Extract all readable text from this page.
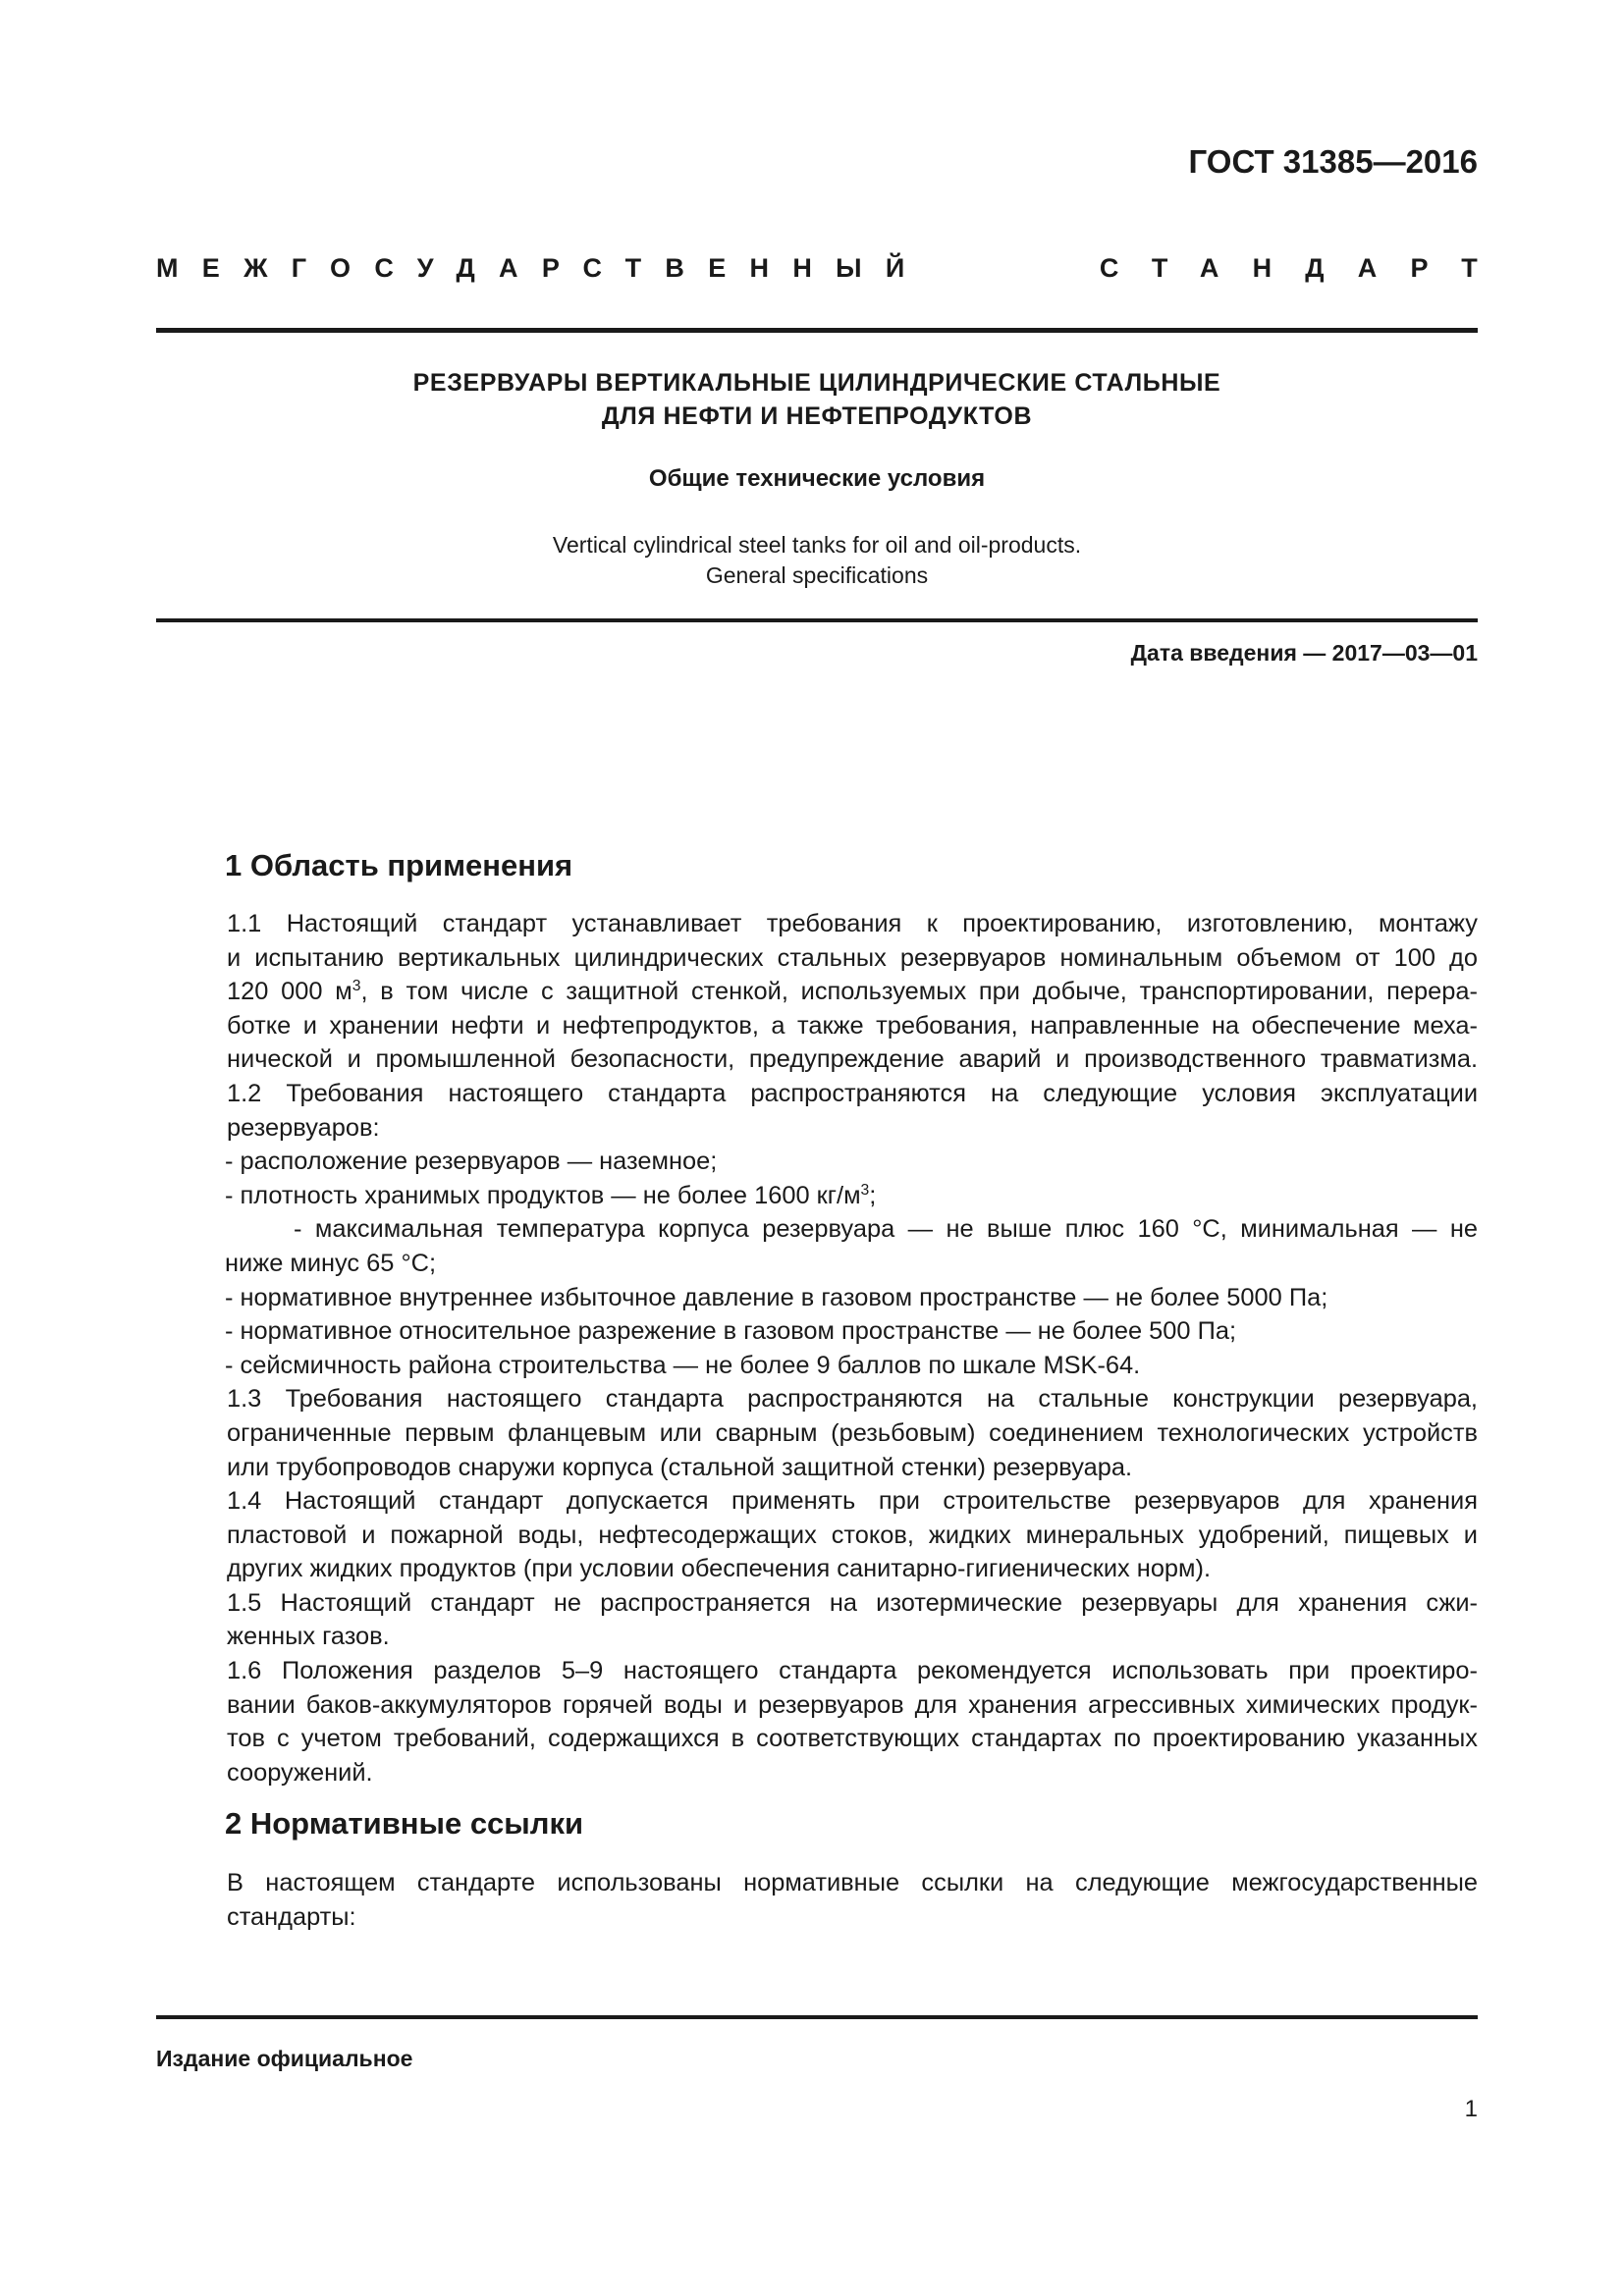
ГОСТ 31385—2016
МЕЖГОСУДАРСТВЕННЫЙ	СТАНДАРТ
РЕЗЕРВУАРЫ ВЕРТИКАЛЬНЫЕ ЦИЛИНДРИЧЕСКИЕ СТАЛЬНЫЕ
ДЛЯ НЕФТИ И НЕФТЕПРОДУКТОВ
Общие технические условия
Vertical cylindrical steel tanks for oil and oil-products.
General specifications
Дата введения — 2017—03—01
1 Область применения

1.1 Настоящий стандарт устанавливает требования к проектированию, изготовлению, монтажу
и испытанию вертикальных цилиндрических стальных резервуаров номинальным объемом от 100 до
120 000 $м^3$, в том числе с защитной стенкой, используемых при добыче, транспортировании, перера-
ботке и хранении нефти и нефтепродуктов, а также требования, направленные на обеспечение меха-
нической и промышленной безопасности, предупреждение аварий и производственного травматизма.

1.2 Требования настоящего стандарта распространяются на следующие условия эксплуатации
резервуаров:

- расположение резервуаров — наземное;
- плотность хранимых продуктов — не более 1600 $кг/м^3$;
- максимальная температура корпуса резервуара — не выше плюс 160 °С, минимальная — не
ниже минус 65 °С;
- нормативное внутреннее избыточное давление в газовом пространстве — не более 5000 Па;
- нормативное относительное разрежение в газовом пространстве — не более 500 Па;
- сейсмичность района строительства — не более 9 баллов по шкале MSK-64.

1.3 Требования настоящего стандарта распространяются на стальные конструкции резервуара,
ограниченные первым фланцевым или сварным (резьбовым) соединением технологических устройств
или трубопроводов снаружи корпуса (стальной защитной стенки) резервуара.

1.4 Настоящий стандарт допускается применять при строительстве резервуаров для хранения
пластовой и пожарной воды, нефтесодержащих стоков, жидких минеральных удобрений, пищевых и
других жидких продуктов (при условии обеспечения санитарно-гигиенических норм).

1.5 Настоящий стандарт не распространяется на изотермические резервуары для хранения сжи-
женных газов.

1.6 Положения разделов 5–9 настоящего стандарта рекомендуется использовать при проектиро-
вании баков-аккумуляторов горячей воды и резервуаров для хранения агрессивных химических продук-
тов с учетом требований, содержащихся в соответствующих стандартах по проектированию указанных
сооружений.

2 Нормативные ссылки

В настоящем стандарте использованы нормативные ссылки на следующие межгосударственные
стандарты:

Издание официальное
1
